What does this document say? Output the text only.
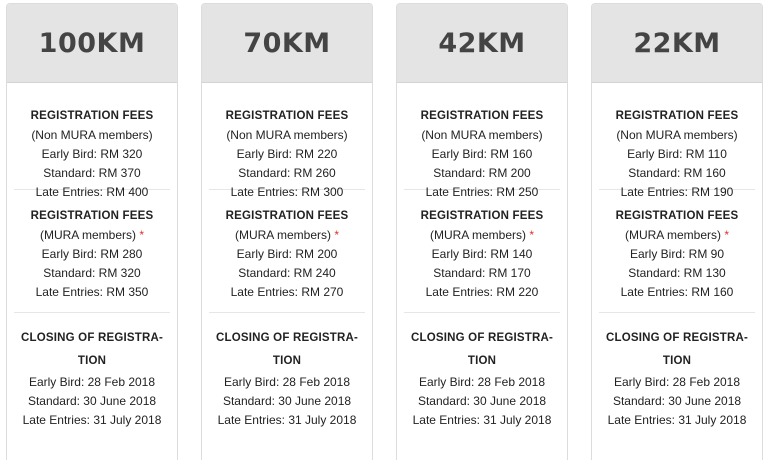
100KM
REGISTRATION FEES
(Non MURA members)
Early Bird: RM 320
Standard: RM 370
Late Entries: RM 400
REGISTRATION FEES
(MURA members) *
Early Bird: RM 280
Standard: RM 320
Late Entries: RM 350
CLOSING OF REGISTRA-
TION
Early Bird: 28 Feb 2018
Standard: 30 June 2018
Late Entries: 31 July 2018
70KM
REGISTRATION FEES
(Non MURA members)
Early Bird: RM 220
Standard: RM 260
Late Entries: RM 300
REGISTRATION FEES
(MURA members) *
Early Bird: RM 200
Standard: RM 240
Late Entries: RM 270
CLOSING OF REGISTRA-
TION
Early Bird: 28 Feb 2018
Standard: 30 June 2018
Late Entries: 31 July 2018
42KM
REGISTRATION FEES
(Non MURA members)
Early Bird: RM 160
Standard: RM 200
Late Entries: RM 250
REGISTRATION FEES
(MURA members) *
Early Bird: RM 140
Standard: RM 170
Late Entries: RM 220
CLOSING OF REGISTRA-
TION
Early Bird: 28 Feb 2018
Standard: 30 June 2018
Late Entries: 31 July 2018
22KM
REGISTRATION FEES
(Non MURA members)
Early Bird: RM 110
Standard: RM 160
Late Entries: RM 190
REGISTRATION FEES
(MURA members) *
Early Bird: RM 90
Standard: RM 130
Late Entries: RM 160
CLOSING OF REGISTRA-
TION
Early Bird: 28 Feb 2018
Standard: 30 June 2018
Late Entries: 31 July 2018
